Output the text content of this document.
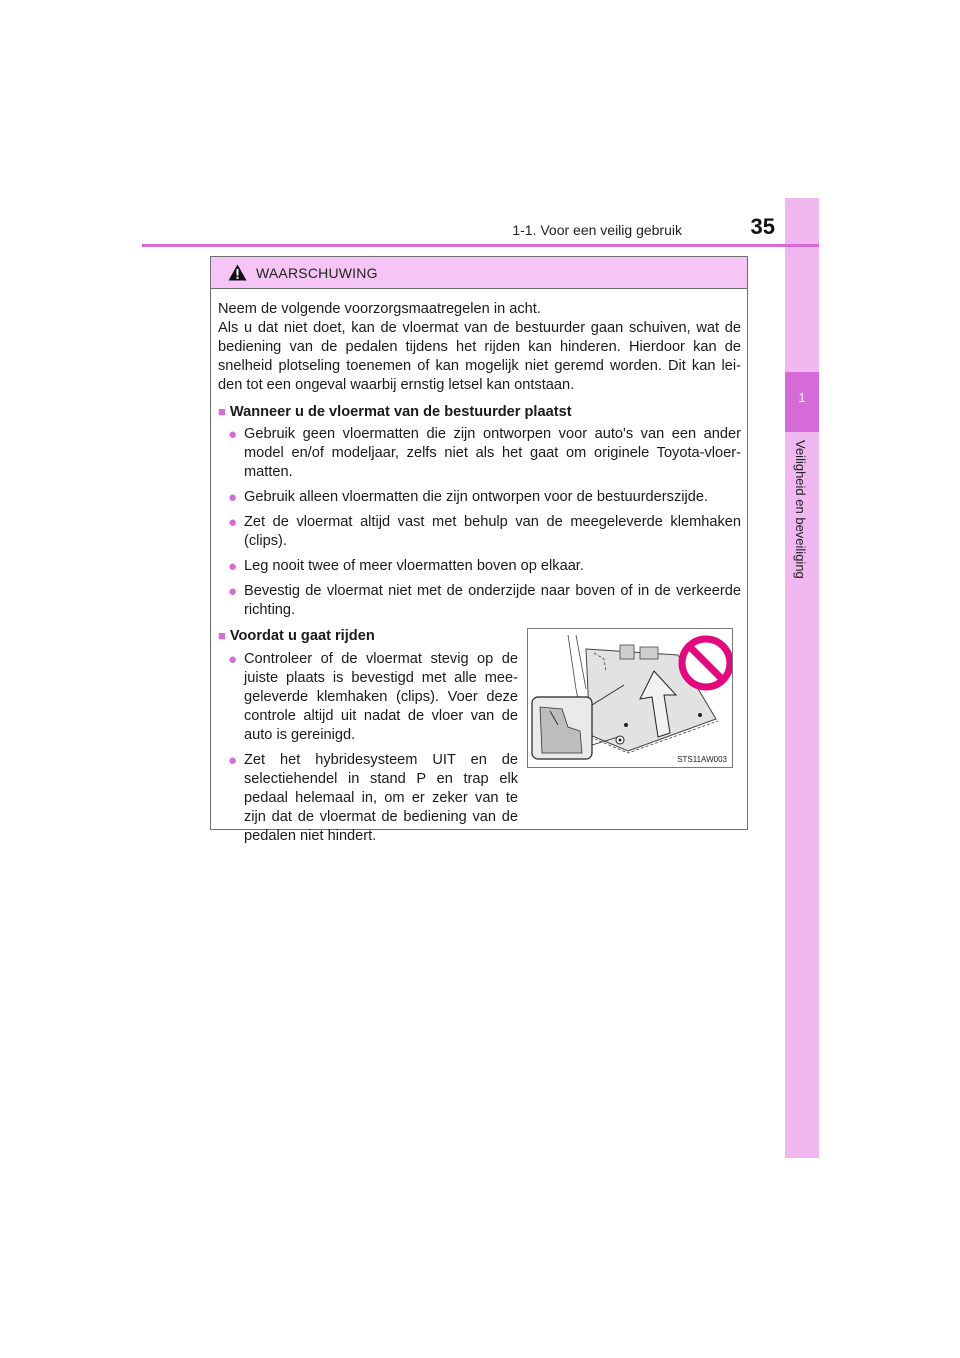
1
Veiligheid en beveiliging
1-1. Voor een veilig gebruik	35
WAARSCHUWING

Neem de volgende voorzorgsmaatregelen in acht.
Als u dat niet doet, kan de vloermat van de bestuurder gaan schuiven, wat de bediening van de pedalen tijdens het rijden kan hinderen. Hierdoor kan de snelheid plotseling toenemen of kan mogelijk niet geremd worden. Dit kan lei- den tot een ongeval waarbij ernstig letsel kan ontstaan.

■ Wanneer u de vloermat van de bestuurder plaatst
● Gebruik geen vloermatten die zijn ontworpen voor auto's van een ander model en/of modeljaar, zelfs niet als het gaat om originele Toyota-vloer- matten.
● Gebruik alleen vloermatten die zijn ontworpen voor de bestuurderszijde.
● Zet de vloermat altijd vast met behulp van de meegeleverde klemhaken (clips).
● Leg nooit twee of meer vloermatten boven op elkaar.
● Bevestig de vloermat niet met de onderzijde naar boven of in de verkeerde richting.
■ Voordat u gaat rijden
● Controleer of de vloermat stevig op de juiste plaats is bevestigd met alle mee- geleverde klemhaken (clips). Voer deze controle altijd uit nadat de vloer van de auto is gereinigd.
● Zet het hybridesysteem UIT en de selectiehendel in stand P en trap elk pedaal helemaal in, om er zeker van te zijn dat de vloermat de bediening van de pedalen niet hindert.
STS11AW003
